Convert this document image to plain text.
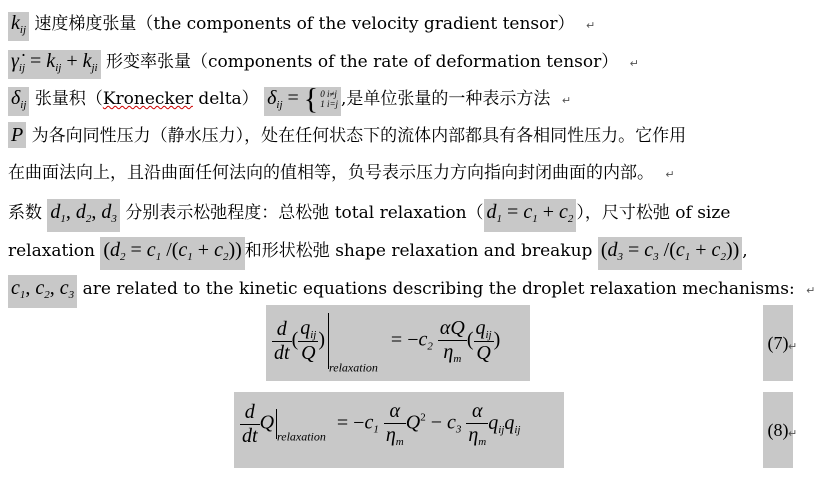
$k_{ij}$ 速度梯度张量（the components of the velocity gradient tensor） ↵
$\gammȧ_{ij} = k_{ij} + k_{ji}$ 形变率张量（components of the rate of deformation tensor） ↵
$\delta_{ij}$ 张量积（Kronecker delta） $\delta_{ij}$ = { 0 i≠j
1 i=j ,是单位张量的一种表示方法 ↵
P 为各向同性压力（静水压力），处在任何状态下的流体内部都具有各相同性压力。它作用
在曲面法向上，且沿曲面任何法向的值相等，负号表示压力方向指向封闭曲面的内部。 ↵
系数 $d_1$, $d_2$, $d_3$ 分别表示松弛程度：总松弛 total relaxation（ $d_1 = c_1 + c_2$ ），尺寸松弛 of size
relaxation ($d_2 = c_1$ $/(c_1 + c_2)$) 和形状松弛 shape relaxation and breakup ($d_3 = c_3$ $/(c_1 + c_2)$) ,
$c_1$, $c_2$, $c_3$ are related to the kinetic equations describing the droplet relaxation mechanisms: ↵
$\frac{d}{dt}$ ( $\frac{q_{ij}}{Q} )_{relaxation} = -c_2 \frac{\alpha Q}{\eta_m}$ ( $\frac{q_{ij}}{Q}$ )	(7) ↵
$\frac{d}{dt} Q_{relaxation} = -c_1 \frac{\alpha}{\eta_m} Q^2 - c_3 \frac{\alpha}{\eta_m} q_{ij}q_{ij}$	(8) ↵
